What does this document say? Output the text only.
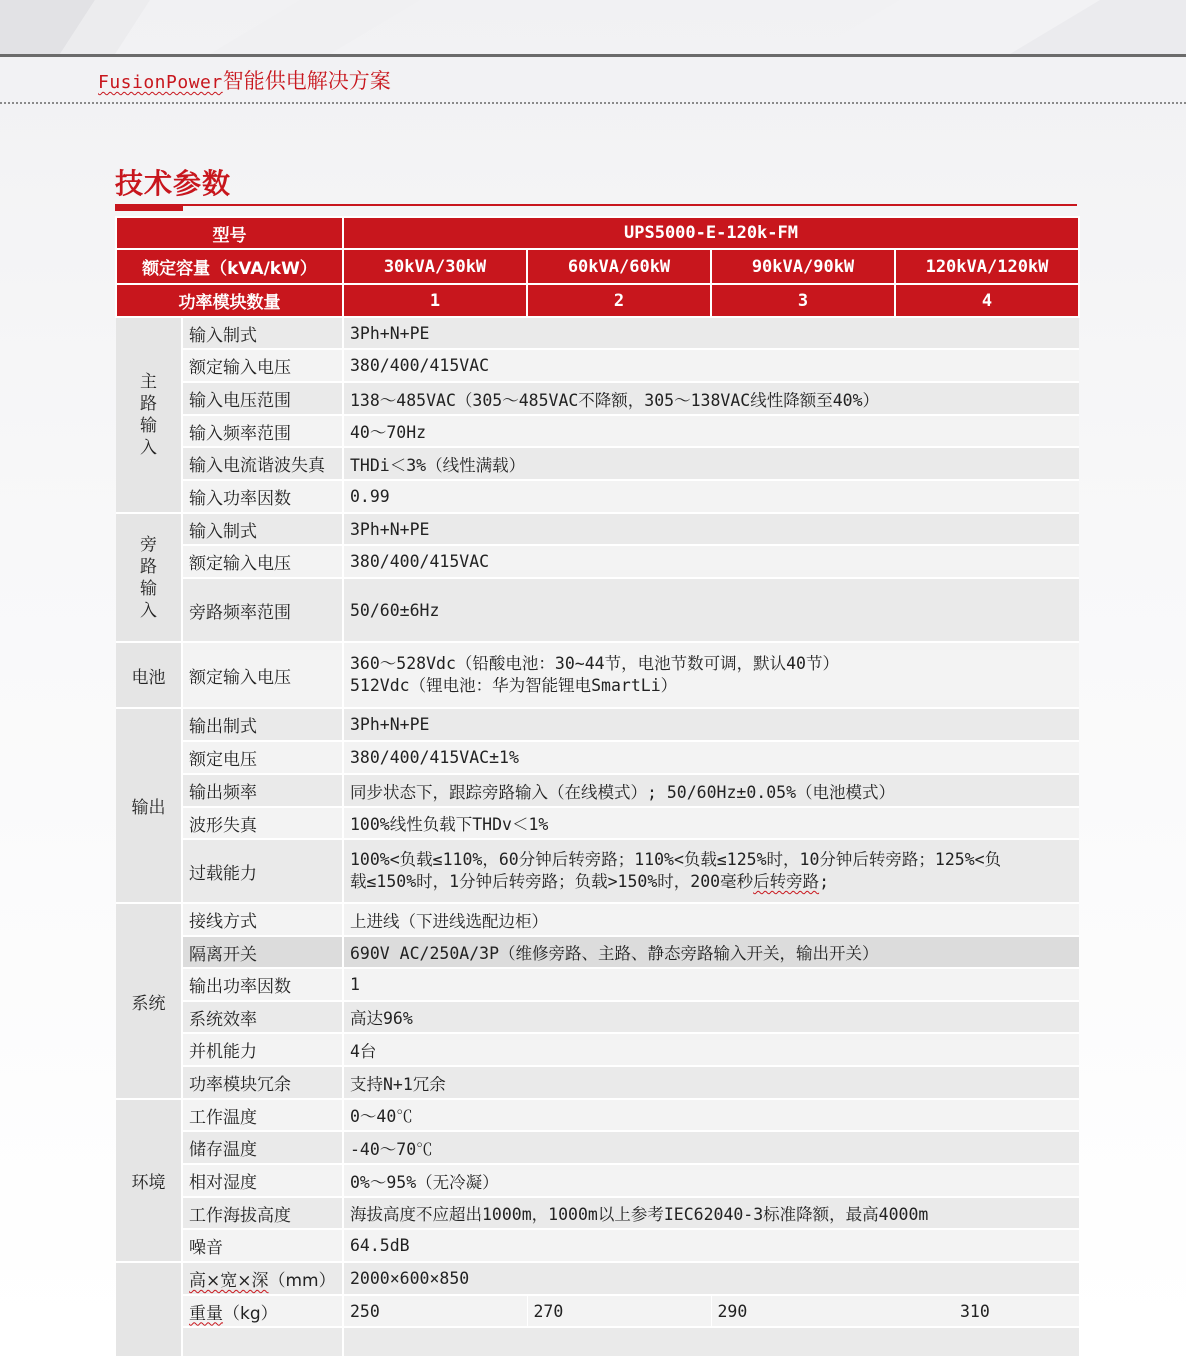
FusionPower智能供电解决方案
技术参数
型号		UPS5000-E-120k-FM			
额定容量（kVA/kW）		30kVA/30kW	60kVA/60kW	90kVA/90kW	120kVA/120kW
功率模块数量		1	2	3	4

主路输入	输入制式	3Ph+N+PE			
	额定输入电压	380/400/415VAC			
	输入电压范围	138～485VAC（305～485VAC不降额，305～138VAC线性降额至40%）			
	输入频率范围	40～70Hz			
	输入电流谐波失真	THDi＜3%（线性满载）			
	输入功率因数	0.99			

旁路输入	输入制式	3Ph+N+PE			
	额定输入电压	380/400/415VAC			
	旁路频率范围	50/60±6Hz			
电池	额定输入电压	360～528Vdc（铅酸电池：30~44节，电池节数可调，默认40节）
512Vdc（锂电池：华为智能锂电SmartLi）			

输出	输出制式	3Ph+N+PE			
	额定电压	380/400/415VAC±1%			
	输出频率	同步状态下，跟踪旁路输入（在线模式）; 50/60Hz±0.05%（电池模式）			
	波形失真	100%线性负载下THDv＜1%			
	过载能力	100%<负载≤110%，60分钟后转旁路；110%<负载≤125%时，10分钟后转旁路；125%<负
载≤150%时，1分钟后转旁路；负载>150%时，200毫秒后转旁路;			

系统	接线方式	上进线（下进线选配边柜）			
	隔离开关	690V AC/250A/3P（维修旁路、主路、静态旁路输入开关，输出开关）			
	输出功率因数	1			
	系统效率	高达96%			
	并机能力	4台			
	功率模块冗余	支持N+1冗余			
环境	工作温度	0～40℃			
	储存温度	-40～70℃			
	相对湿度	0%～95%（无冷凝）			
	工作海拔高度	海拔高度不应超出1000m，1000m以上参考IEC62040-3标准降额，最高4000m			
	噪音	64.5dB			
	高×宽×深（mm）	2000×600×850			
	重量（kg）	250	270	290	310
